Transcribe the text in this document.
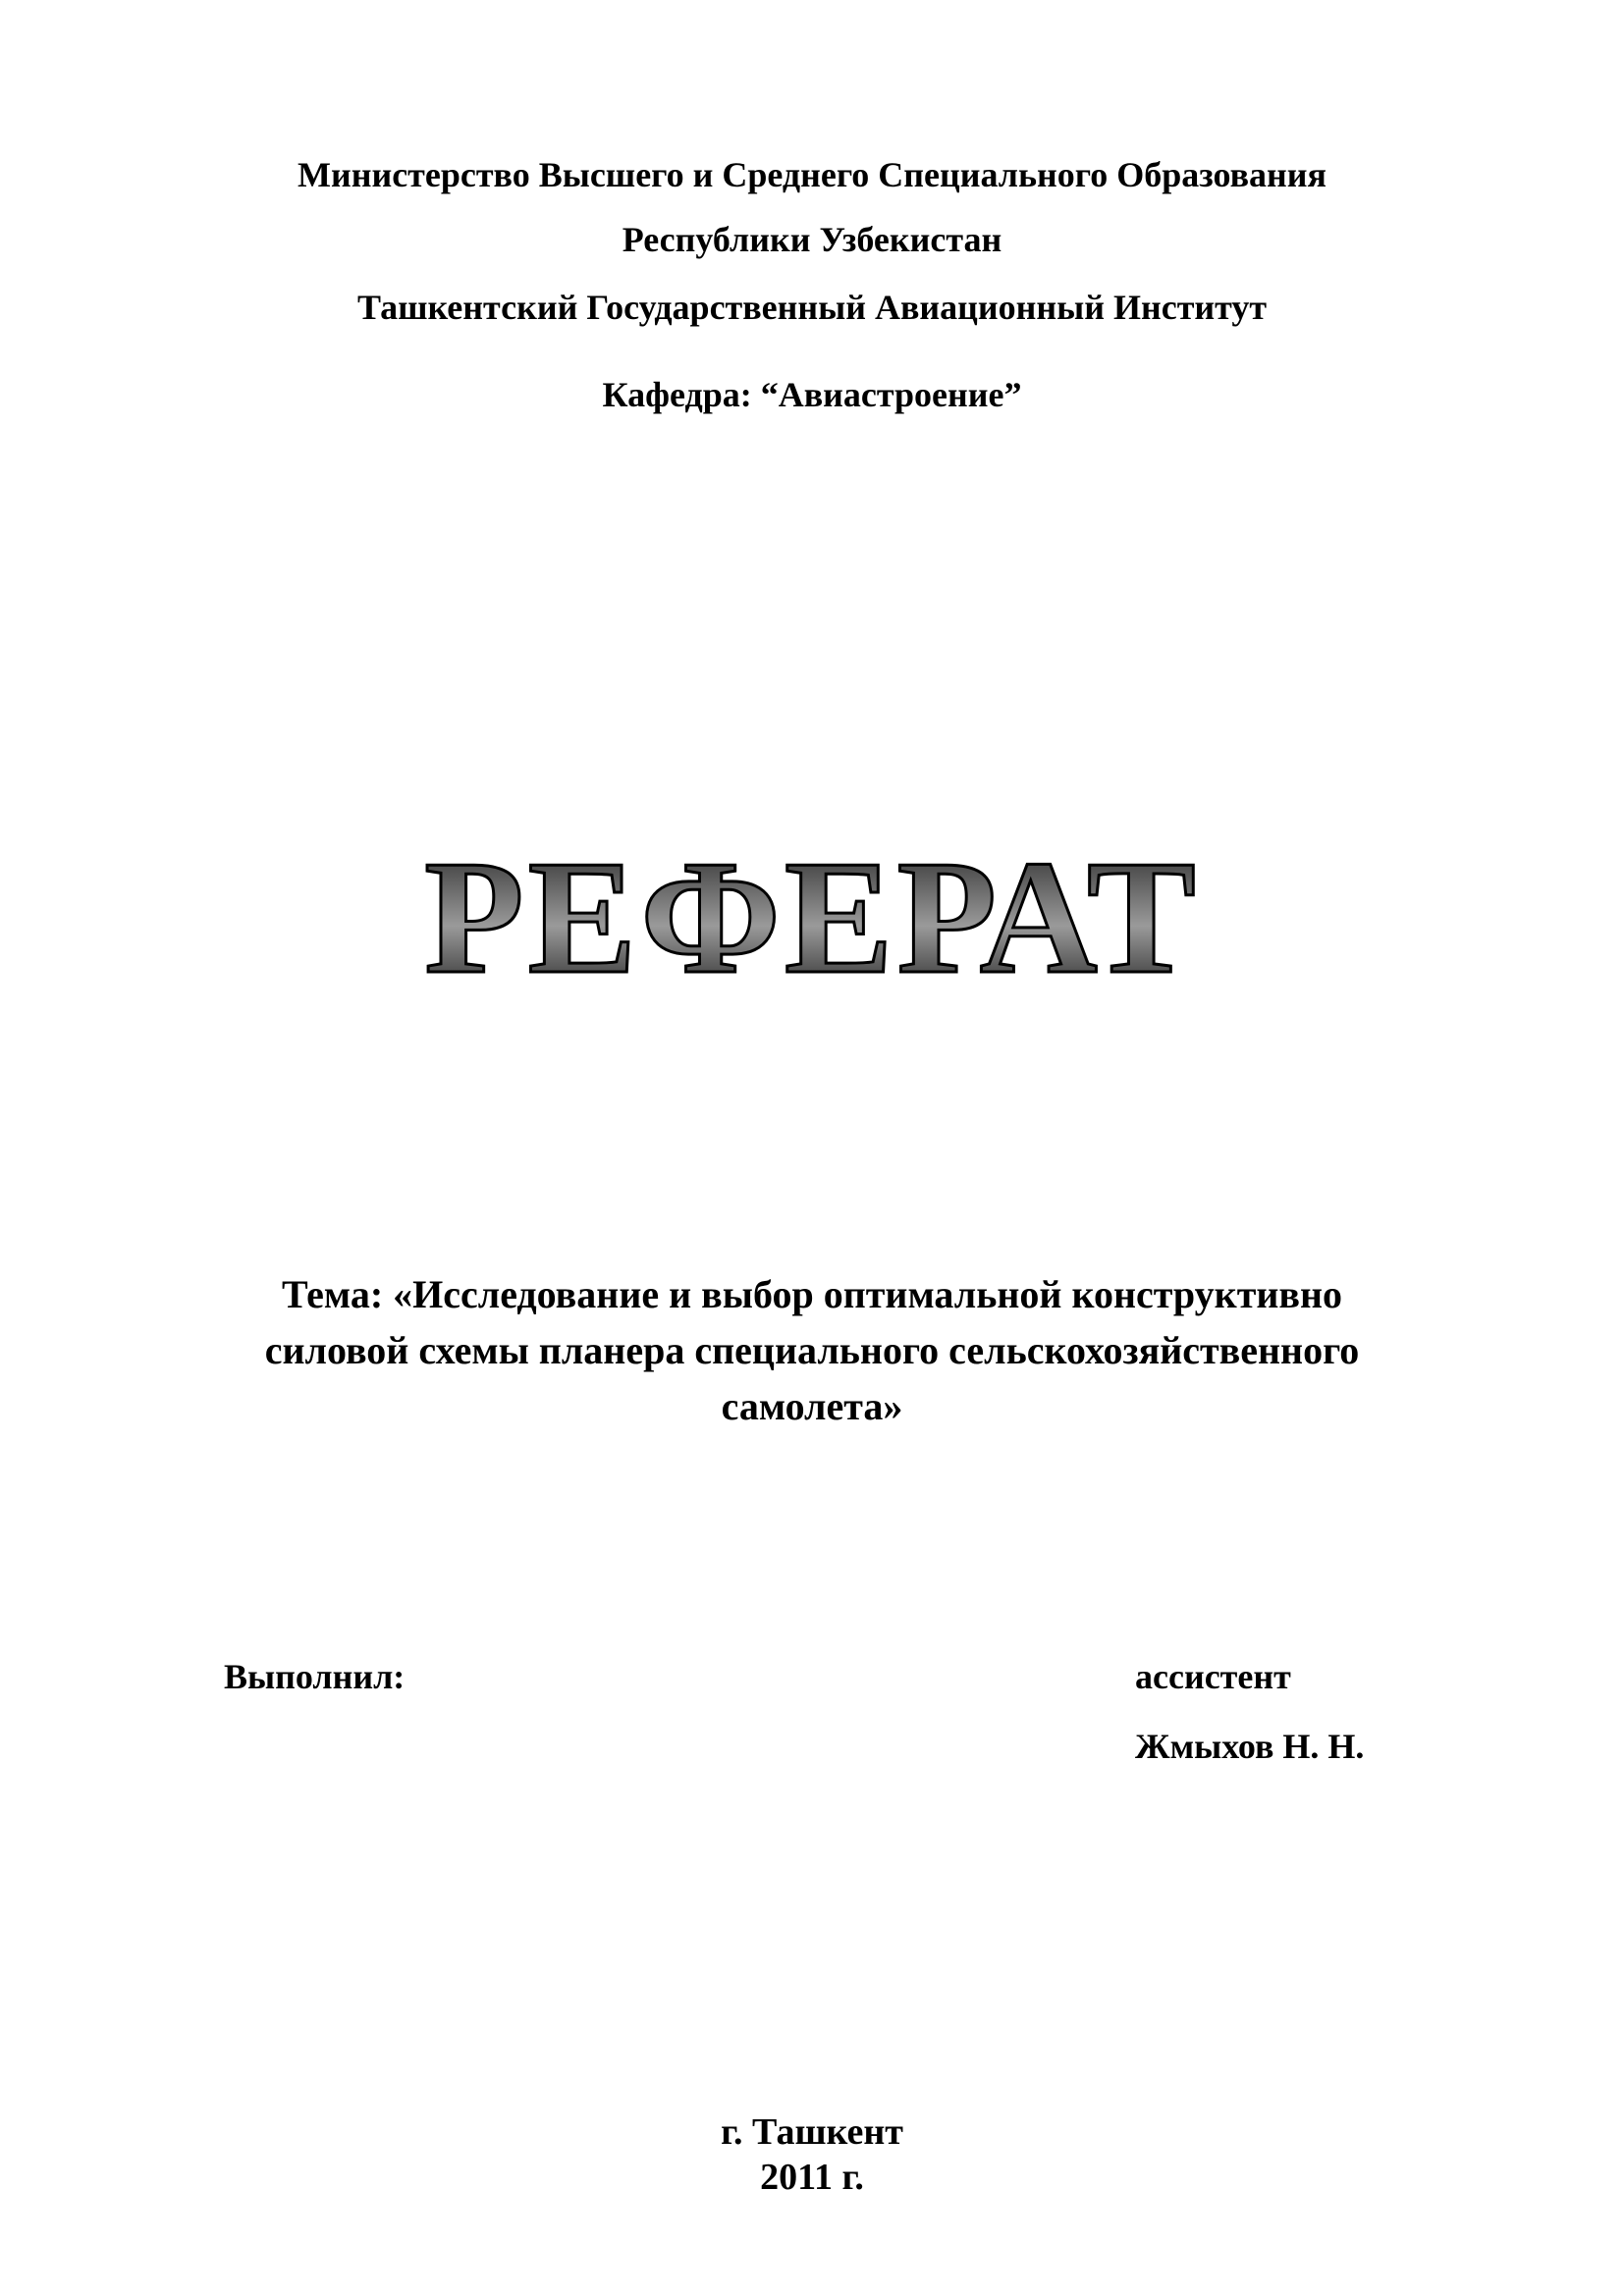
Министерство Высшего и Среднего Специального Образования
Республики Узбекистан
Ташкентский Государственный Авиационный Институт
Кафедра: “Авиастроение”
РЕФЕРАТ
Тема: «Исследование и выбор оптимальной конструктивно
силовой схемы планера специального сельскохозяйственного
самолета»
Выполнил:	ассистент
Жмыхов Н. Н.
г. Ташкент
2011 г.
